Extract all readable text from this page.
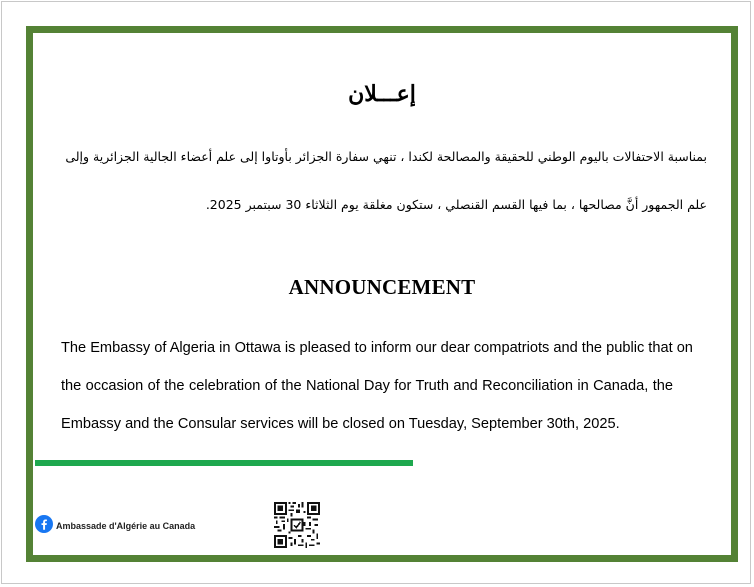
إعـــلان
بمناسبة الاحتفالات باليوم الوطني للحقيقة والمصالحة لكندا ، تنهي سفارة الجزائر بأوتاوا إلى علم أعضاء الجالية الجزائرية وإلى
علم الجمهور أنَّ مصالحها ، بما فيها القسم القنصلي ، ستكون مغلقة يوم الثلاثاء 30 سبتمبر 2025.
ANNOUNCEMENT
The Embassy of Algeria in Ottawa is pleased to inform our dear compatriots and the public that on
the occasion of the celebration of the National Day for Truth and Reconciliation in Canada, the
Embassy and the Consular services will be closed on Tuesday, September 30th, 2025.
Ambassade d'Algérie au Canada
